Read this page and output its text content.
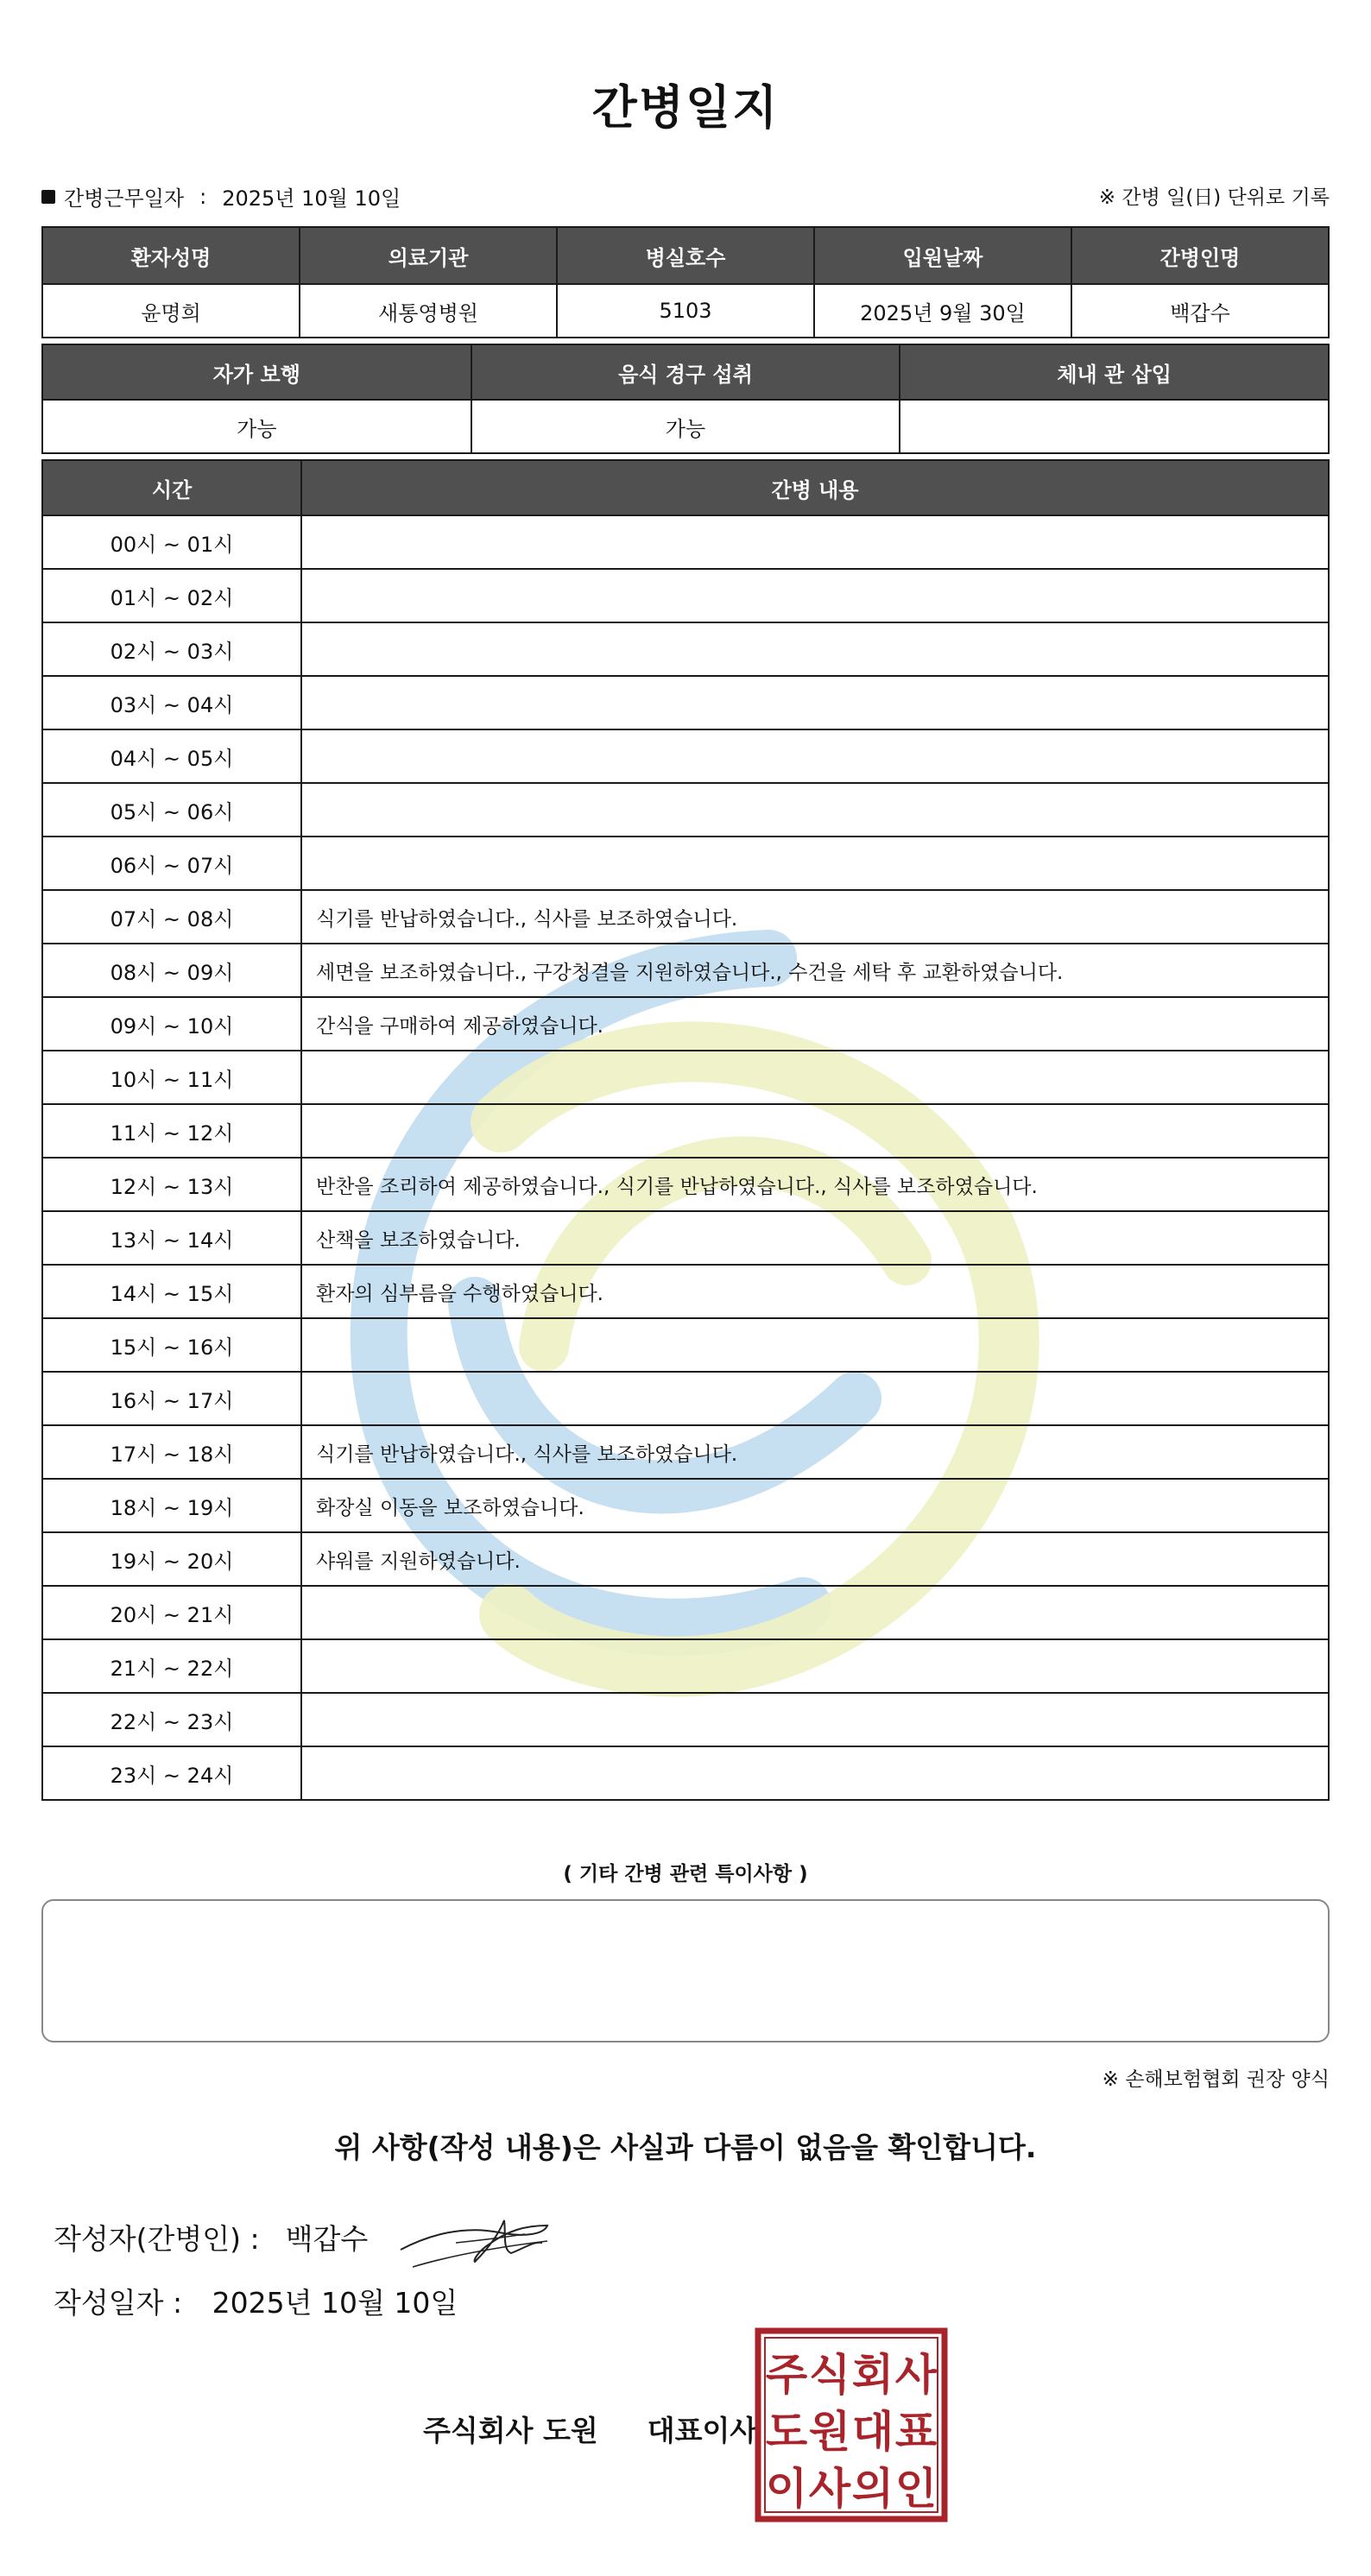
간병일지
간병근무일자 : 2025년 10월 10일	※ 간병 일(日) 단위로 기록
환자성명	의료기관	병실호수	입원날짜	간병인명
윤명희	새통영병원	5103	2025년 9월 30일	백갑수
자가 보행	음식 경구 섭취	체내 관 삽입
가능	가능	
시간	간병 내용
00시 ~ 01시	
01시 ~ 02시	
02시 ~ 03시	
03시 ~ 04시	
04시 ~ 05시	
05시 ~ 06시	
06시 ~ 07시	
07시 ~ 08시	식기를 반납하였습니다., 식사를 보조하였습니다.
08시 ~ 09시	세면을 보조하였습니다., 구강청결을 지원하였습니다., 수건을 세탁 후 교환하였습니다.
09시 ~ 10시	간식을 구매하여 제공하였습니다.
10시 ~ 11시	
11시 ~ 12시	
12시 ~ 13시	반찬을 조리하여 제공하였습니다., 식기를 반납하였습니다., 식사를 보조하였습니다.
13시 ~ 14시	산책을 보조하였습니다.
14시 ~ 15시	환자의 심부름을 수행하였습니다.
15시 ~ 16시	
16시 ~ 17시	
17시 ~ 18시	식기를 반납하였습니다., 식사를 보조하였습니다.
18시 ~ 19시	화장실 이동을 보조하였습니다.
19시 ~ 20시	샤워를 지원하였습니다.
20시 ~ 21시	
21시 ~ 22시	
22시 ~ 23시	
23시 ~ 24시	
( 기타 간병 관련 특이사항 )
※ 손해보험협회 권장 양식
위 사항(작성 내용)은 사실과 다름이 없음을 확인합니다.
작성자(간병인) : 백갑수
작성일자 : 2025년 10월 10일
주식회사 도원 대표이사
주 식 회 사
도 원 대 표
이 사 의 인
